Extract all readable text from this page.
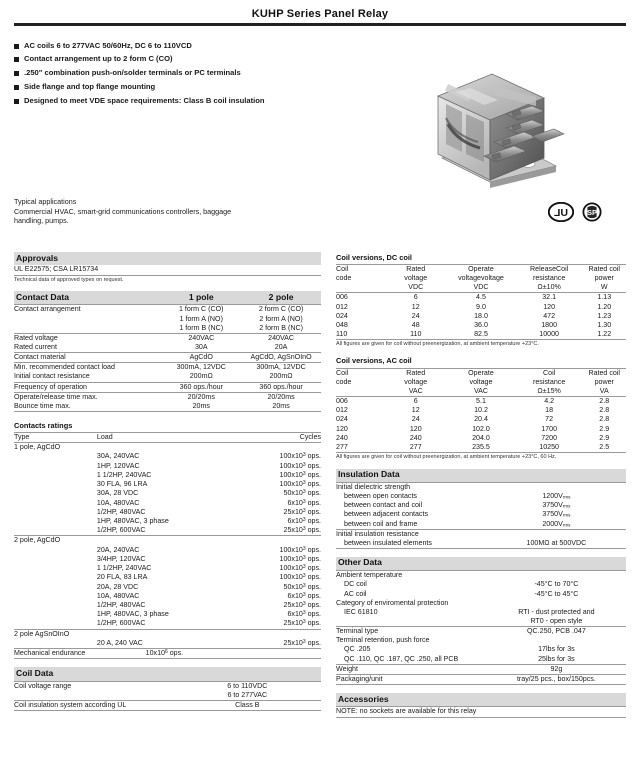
KUHP Series Panel Relay
AC coils 6 to 277VAC 50/60Hz, DC 6 to 110VCD
Contact arrangement up to 2 form C (CO)
.250" combination push-on/solder terminals or PC terminals
Side flange and top flange mounting
Designed to meet VDE space requirements: Class B coil insulation
UL	SP
Typical applications
Commercial HVAC, smart-grid communications controllers, baggage
handling, pumps.
Approvals
UL E22575; CSA LR15734
Technical data of approved types on request.
Contact Data	1 pole	2 pole
Contact arrangement	1 form C (CO)	2 form C (CO)
	1 form A (NO)	2 form A (NO)
	1 form B (NC)	2 form B (NC)
Rated voltage	240VAC	240VAC
Rated current	30A	20A
Contact material	AgCdO	AgCdO, AgSnOInO
Min. recommended contact load	300mA, 12VDC	300mA, 12VDC
Initial contact resistance	200mΩ	200mΩ
Frequency of operation	360 ops./hour	360 ops./hour
Operate/release time max.	20/20ms	20/20ms
Bounce time max.	20ms	20ms
Contacts ratings
Type	Load	Cycles
1 pole, AgCdO		
	30A, 240VAC	$100x10^3$ ops.
	1HP, 120VAC	$100x10^3$ ops.
	1 1/2HP, 240VAC	$100x10^3$ ops.
	30 FLA, 96 LRA	$100x10^3$ ops.
	30A, 28 VDC	$50x10^3$ ops.
	10A, 480VAC	$6x10^3$ ops.
	1/2HP, 480VAC	$25x10^3$ ops.
	1HP, 480VAC, 3 phase	$6x10^3$ ops.
	1/2HP, 600VAC	$25x10^3$ ops.
2 pole, AgCdO		
	20A, 240VAC	$100x10^3$ ops.
	3/4HP, 120VAC	$100x10^3$ ops.
	1 1/2HP, 240VAC	$100x10^3$ ops.
	20 FLA, 83 LRA	$100x10^3$ ops.
	20A, 28 VDC	$50x10^3$ ops.
	10A, 480VAC	$6x10^3$ ops.
	1/2HP, 480VAC	$25x10^3$ ops.
	1HP, 480VAC, 3 phase	$6x10^3$ ops.
	1/2HP, 600VAC	$25x10^3$ ops.
2 pole AgSnOInO		
	20 A, 240 VAC	$25x10^3$ ops.
Mechanical endurance	$10x10^6$ ops.	
Coil Data
Coil voltage range	6 to 110VDC
	6 to 277VAC
Coil insulation system according UL	Class B
Coil versions, DC coil
Coil	Rated	Operate	ReleaseCoil	Rated coil
code	voltage	voltagevoltage	resistance	power
	VDC	VDC	Ω±10%	W
006	6	4.5	32.1	1.13
012	12	9.0	120	1.20
024	24	18.0	472	1.23
048	48	36.0	1800	1.30
110	110	82.5	10000	1.22
All figures are given for coil without preenergization, at ambient temperature +23°C.
Coil versions, AC coil
Coil	Rated	Operate	Coil	Rated coil
code	voltage	voltage	resistance	power
	VAC	VAC	Ω±15%	VA
006	6	5.1	4.2	2.8
012	12	10.2	18	2.8
024	24	20.4	72	2.8
120	120	102.0	1700	2.9
240	240	204.0	7200	2.9
277	277	235.5	10250	2.5
All figures are given for coil without preenergization, at ambient temperature +23°C, 60 Hz.
Insulation Data
Initial dielectric strength	
between open contacts	$1200V_{rms}$
between contact and coil	$3750V_{rms}$
between adjacent contacts	$3750V_{rms}$
between coil and frame	$2000V_{rms}$
Initial insulation resistance	
between insulated elements	100MΩ at 500VDC
Other Data
Ambient temperature	
DC coil	-45°C to 70°C
AC coil	-45°C to 45°C
Category of enviromental protection	
IEC 61810	RTI - dust protected and
	RT0 - open style
Terminal type	QC.250, PCB .047
Terminal retention, push force	
QC .205	17lbs for 3s
QC .110, QC .187, QC .250, all PCB	25lbs for 3s
Weight	92g
Packaging/unit	tray/25 pcs., box/150pcs.
Accessories
NOTE: no sockets are available for this relay
